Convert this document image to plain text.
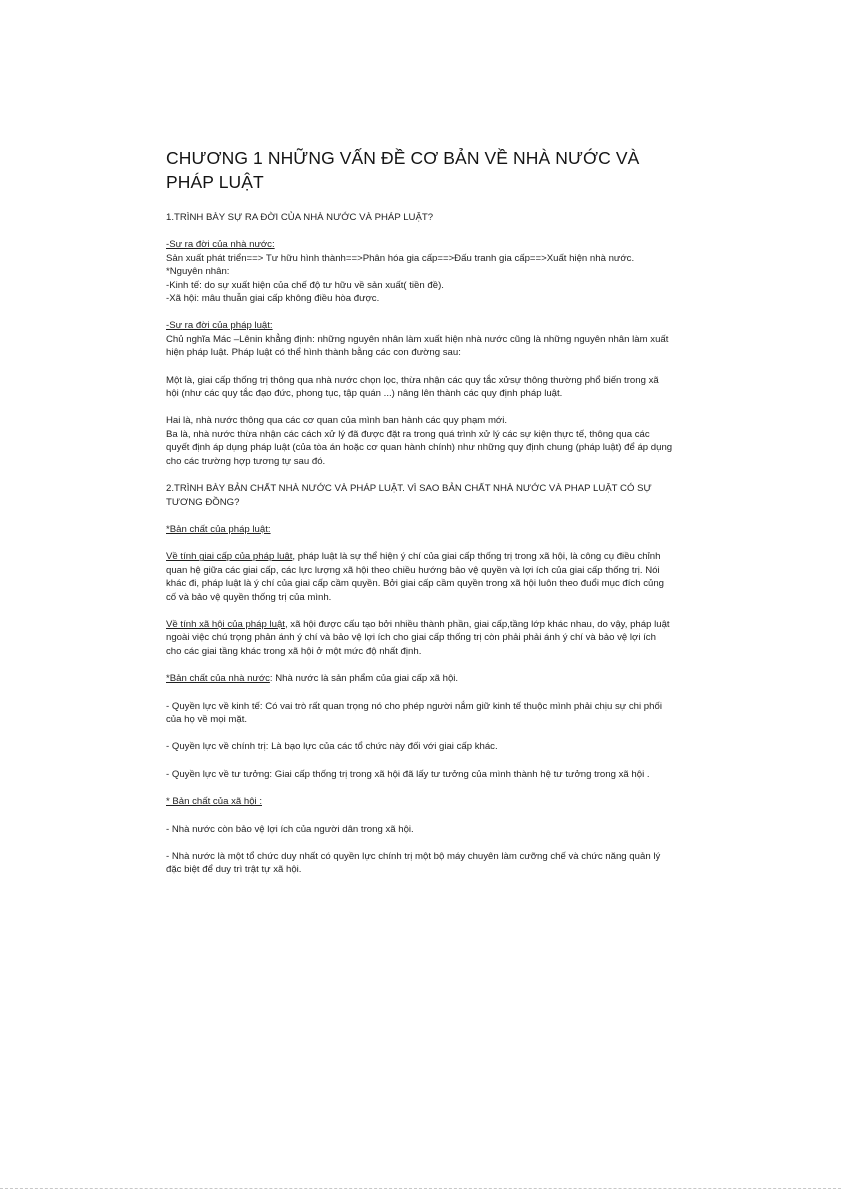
CHƯƠNG 1 NHỮNG VẤN ĐỀ CƠ BẢN VỀ NHÀ NƯỚC VÀ PHÁP LUẬT

1.TRÌNH BÀY SỰ RA ĐỜI CỦA NHÀ NƯỚC VÀ PHÁP LUẬT?

-Sự ra đời của nhà nước:

Sản xuất phát triển==> Tư hữu hình thành==>Phân hóa gia cấp==>Đấu tranh gia cấp==>Xuất hiện nhà nước.

*Nguyên nhân:

-Kinh tế: do sự xuất hiện của chế độ tư hữu về sản xuất( tiền đề).

-Xã hội: mâu thuẫn giai cấp không điều hòa được.

-Sự ra đời của pháp luật:

Chủ nghĩa Mác –Lênin khẳng định: những nguyên nhân làm xuất hiện nhà nước cũng là những nguyên nhân làm xuất hiện pháp luật. Pháp luật có thể hình thành bằng các con đường sau:

Một là, giai cấp thống trị thông qua nhà nước chọn lọc, thừa nhận các quy tắc xửsự thông thường phổ biến trong xã hội (như các quy tắc đạo đức, phong tục, tập quán ...) nâng lên thành các quy định pháp luật.

Hai là, nhà nước thông qua các cơ quan của mình ban hành các quy phạm mới.

Ba là, nhà nước thừa nhận các cách xử lý đã được đặt ra trong quá trình xử lý các sự kiện thực tế, thông qua các quyết định áp dụng pháp luật (của tòa án hoặc cơ quan hành chính) như những quy định chung (pháp luật) để áp dụng cho các trường hợp tương tự sau đó.

2.TRÌNH BÀY BẢN CHẤT NHÀ NƯỚC VÀ PHÁP LUẬT. VÌ SAO BẢN CHẤT NHÀ NƯỚC VÀ PHAP LUẬT CÓ SỰ TƯƠNG ĐỒNG?

*Bản chất của pháp luật:

Về tính giai cấp của pháp luật, pháp luật là sự thể hiện ý chí của giai cấp thống trị trong xã hội, là công cụ điều chỉnh quan hệ giữa các giai cấp, các lực lượng xã hội theo chiều hướng bảo vệ quyền và lợi ích của giai cấp thống trị. Nói khác đi, pháp luật là ý chí của giai cấp cầm quyền. Bởi giai cấp cầm quyền trong xã hội luôn theo đuổi mục đích củng cố và bảo vệ quyền thống trị của mình.

Về tính xã hội của pháp luật, xã hội được cấu tạo bởi nhiều thành phần, giai cấp,tầng lớp khác nhau, do vậy, pháp luật ngoài việc chú trọng phản ánh ý chí và bảo vệ lợi ích cho giai cấp thống trị còn phải phải ánh ý chí và bảo vệ lợi ích cho các giai tầng khác trong xã hội ở một mức độ nhất định.

*Bản chất của nhà nước: Nhà nước là sản phẩm của giai cấp xã hội.

- Quyền lực về kinh tế: Có vai trò rất quan trọng nó cho phép người nắm giữ kinh tế thuộc mình phải chịu sự chi phối của họ về mọi mặt.

- Quyền lực về chính trị: Là bạo lực của các tổ chức này đối với giai cấp khác.

- Quyền lực về tư tưởng: Giai cấp thống trị trong xã hội đã lấy tư tưởng của mình thành hệ tư tưởng trong xã hội .

* Bản chất của xã hội :

- Nhà nước còn bảo vệ lợi ích của người dân trong xã hội.

- Nhà nước là một tổ chức duy nhất có quyền lực chính trị một bộ máy chuyên làm cưỡng chế và chức năng quản lý đặc biệt để duy trì trật tự xã hội.
